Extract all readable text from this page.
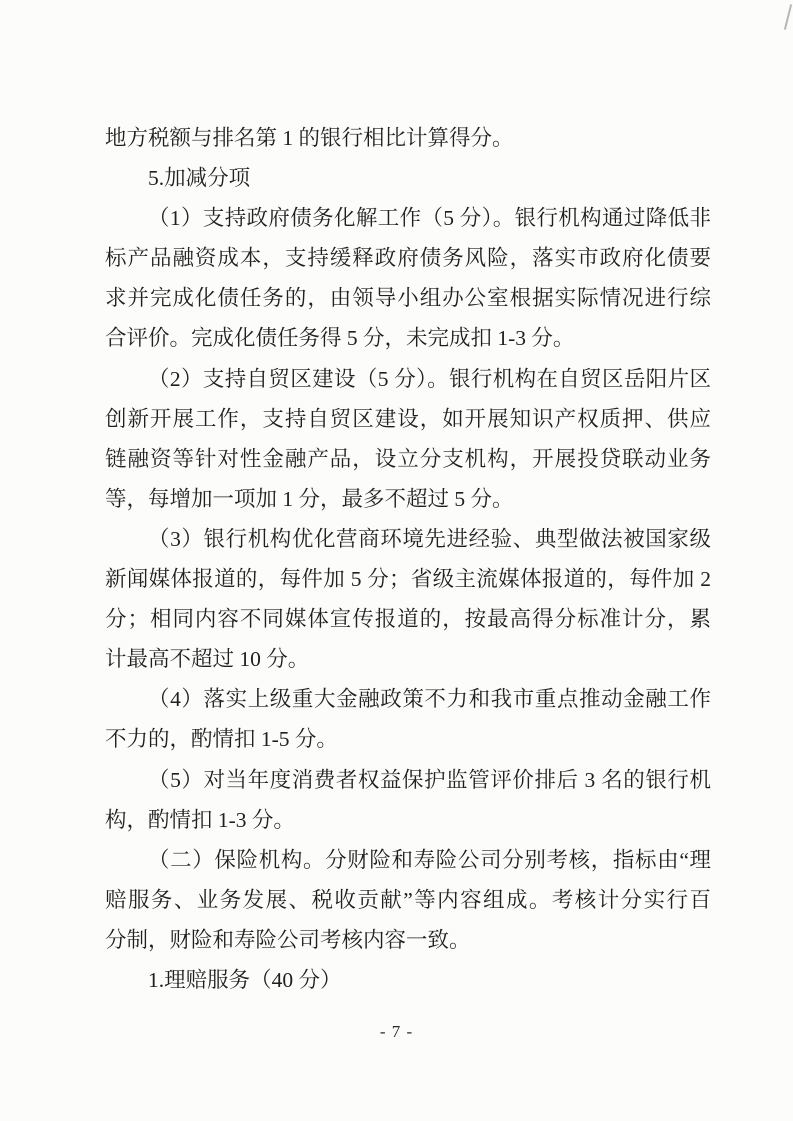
地方税额与排名第 1 的银行相比计算得分。
5.加减分项
（1）支持政府债务化解工作（5 分）。银行机构通过降低非
标产品融资成本，支持缓释政府债务风险，落实市政府化债要
求并完成化债任务的，由领导小组办公室根据实际情况进行综
合评价。完成化债任务得 5 分，未完成扣 1-3 分。
（2）支持自贸区建设（5 分）。银行机构在自贸区岳阳片区
创新开展工作，支持自贸区建设，如开展知识产权质押、供应
链融资等针对性金融产品，设立分支机构，开展投贷联动业务
等，每增加一项加 1 分，最多不超过 5 分。
（3）银行机构优化营商环境先进经验、典型做法被国家级
新闻媒体报道的，每件加 5 分；省级主流媒体报道的，每件加 2
分；相同内容不同媒体宣传报道的，按最高得分标准计分，累
计最高不超过 10 分。
（4）落实上级重大金融政策不力和我市重点推动金融工作
不力的，酌情扣 1-5 分。
（5）对当年度消费者权益保护监管评价排后 3 名的银行机
构，酌情扣 1-3 分。
（二）保险机构。分财险和寿险公司分别考核，指标由“理
赔服务、业务发展、税收贡献”等内容组成。考核计分实行百
分制，财险和寿险公司考核内容一致。
1.理赔服务（40 分）
- 7 -
